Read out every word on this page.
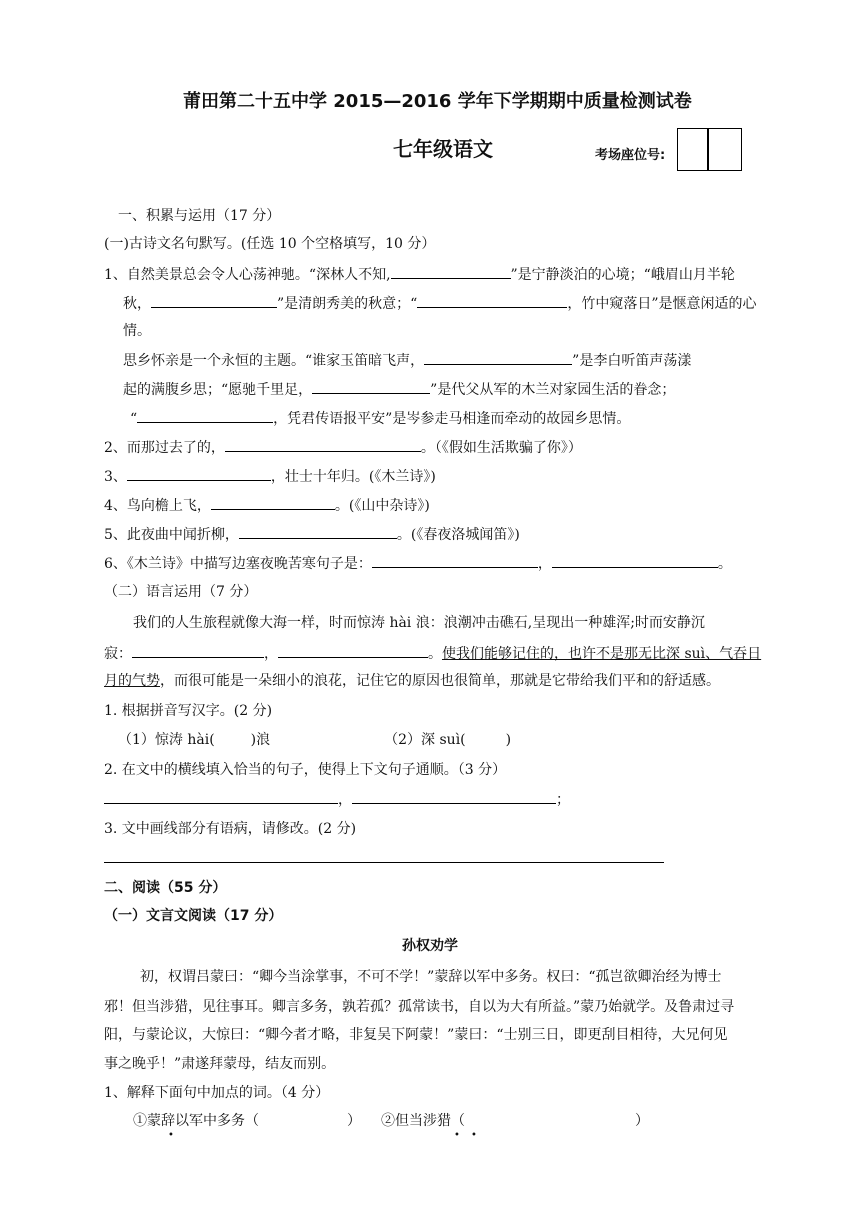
莆田第二十五中学 2015—2016 学年下学期期中质量检测试卷
七年级语文	考场座位号:
一、积累与运用（17 分）
(一)古诗文名句默写。(任选 10 个空格填写，10 分）
1、自然美景总会令人心荡神驰。“深林人不知,	”是宁静淡泊的心境；“峨眉山月半轮
秋，	”是清朗秀美的秋意；“	，竹中窥落日”是惬意闲适的心
情。
思乡怀亲是一个永恒的主题。“谁家玉笛暗飞声，	”是李白听笛声荡漾
起的满腹乡思；“愿驰千里足，	”是代父从军的木兰对家园生活的眷念；
“	，凭君传语报平安”是岑参走马相逢而牵动的故园乡思情。
2、而那过去了的，	。（《假如生活欺骗了你》）
3、	，壮士十年归。(《木兰诗》)
4、鸟向檐上飞，	。(《山中杂诗》)
5、此夜曲中闻折柳，	。(《春夜洛城闻笛》)
6、《木兰诗》中描写边塞夜晚苦寒句子是：	，	。
（二）语言运用（7 分）
我们的人生旅程就像大海一样，时而惊涛 hài 浪：浪潮冲击礁石,呈现出一种雄浑;时而安静沉
寂：	，	。使我们能够记住的，也许不是那无比深 suì、气吞日
月的气势，而很可能是一朵细小的浪花，记住它的原因也很简单，那就是它带给我们平和的舒适感。
1. 根据拼音写汉字。(2 分)
（1）惊涛 hài(	)浪	（2）深 suì(	)
2. 在文中的横线填入恰当的句子，使得上下文句子通顺。（3 分）
，	；
3. 文中画线部分有语病，请修改。(2 分)
二、阅读（55 分）
（一）文言文阅读（17 分）
孙权劝学
初，权谓吕蒙曰：“卿今当涂掌事，不可不学！”蒙辞以军中多务。权曰：“孤岂欲卿治经为博士
邪！但当涉猎，见往事耳。卿言多务，孰若孤？孤常读书，自以为大有所益。”蒙乃始就学。及鲁肃过寻
阳，与蒙论议，大惊曰：“卿今者才略，非复吴下阿蒙！”蒙曰：“士别三日，即更刮目相待，大兄何见
事之晚乎！”肃遂拜蒙母，结友而别。
1、解释下面句中加点的词。（4 分）
①蒙辞以军中多务（	） ②但当涉猎（	）
•	• •
